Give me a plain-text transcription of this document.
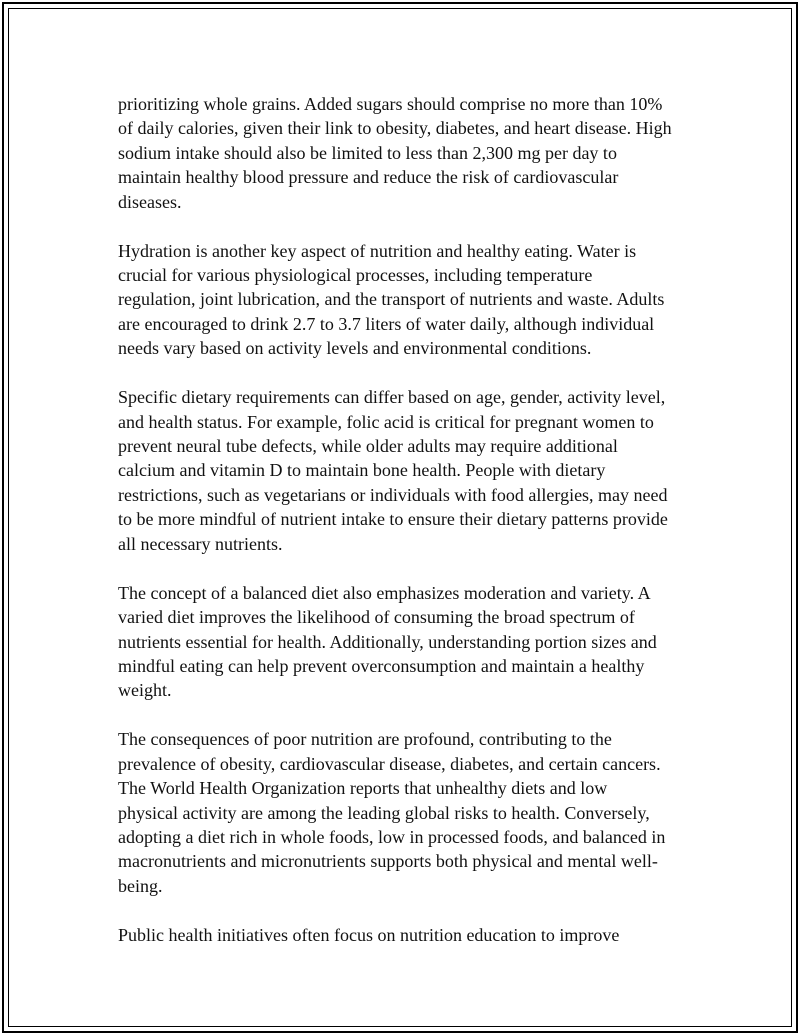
prioritizing whole grains. Added sugars should comprise no more than 10%
of daily calories, given their link to obesity, diabetes, and heart disease. High
sodium intake should also be limited to less than 2,300 mg per day to
maintain healthy blood pressure and reduce the risk of cardiovascular
diseases.

Hydration is another key aspect of nutrition and healthy eating. Water is
crucial for various physiological processes, including temperature
regulation, joint lubrication, and the transport of nutrients and waste. Adults
are encouraged to drink 2.7 to 3.7 liters of water daily, although individual
needs vary based on activity levels and environmental conditions.

Specific dietary requirements can differ based on age, gender, activity level,
and health status. For example, folic acid is critical for pregnant women to
prevent neural tube defects, while older adults may require additional
calcium and vitamin D to maintain bone health. People with dietary
restrictions, such as vegetarians or individuals with food allergies, may need
to be more mindful of nutrient intake to ensure their dietary patterns provide
all necessary nutrients.

The concept of a balanced diet also emphasizes moderation and variety. A
varied diet improves the likelihood of consuming the broad spectrum of
nutrients essential for health. Additionally, understanding portion sizes and
mindful eating can help prevent overconsumption and maintain a healthy
weight.

The consequences of poor nutrition are profound, contributing to the
prevalence of obesity, cardiovascular disease, diabetes, and certain cancers.
The World Health Organization reports that unhealthy diets and low
physical activity are among the leading global risks to health. Conversely,
adopting a diet rich in whole foods, low in processed foods, and balanced in
macronutrients and micronutrients supports both physical and mental well-
being.

Public health initiatives often focus on nutrition education to improve
